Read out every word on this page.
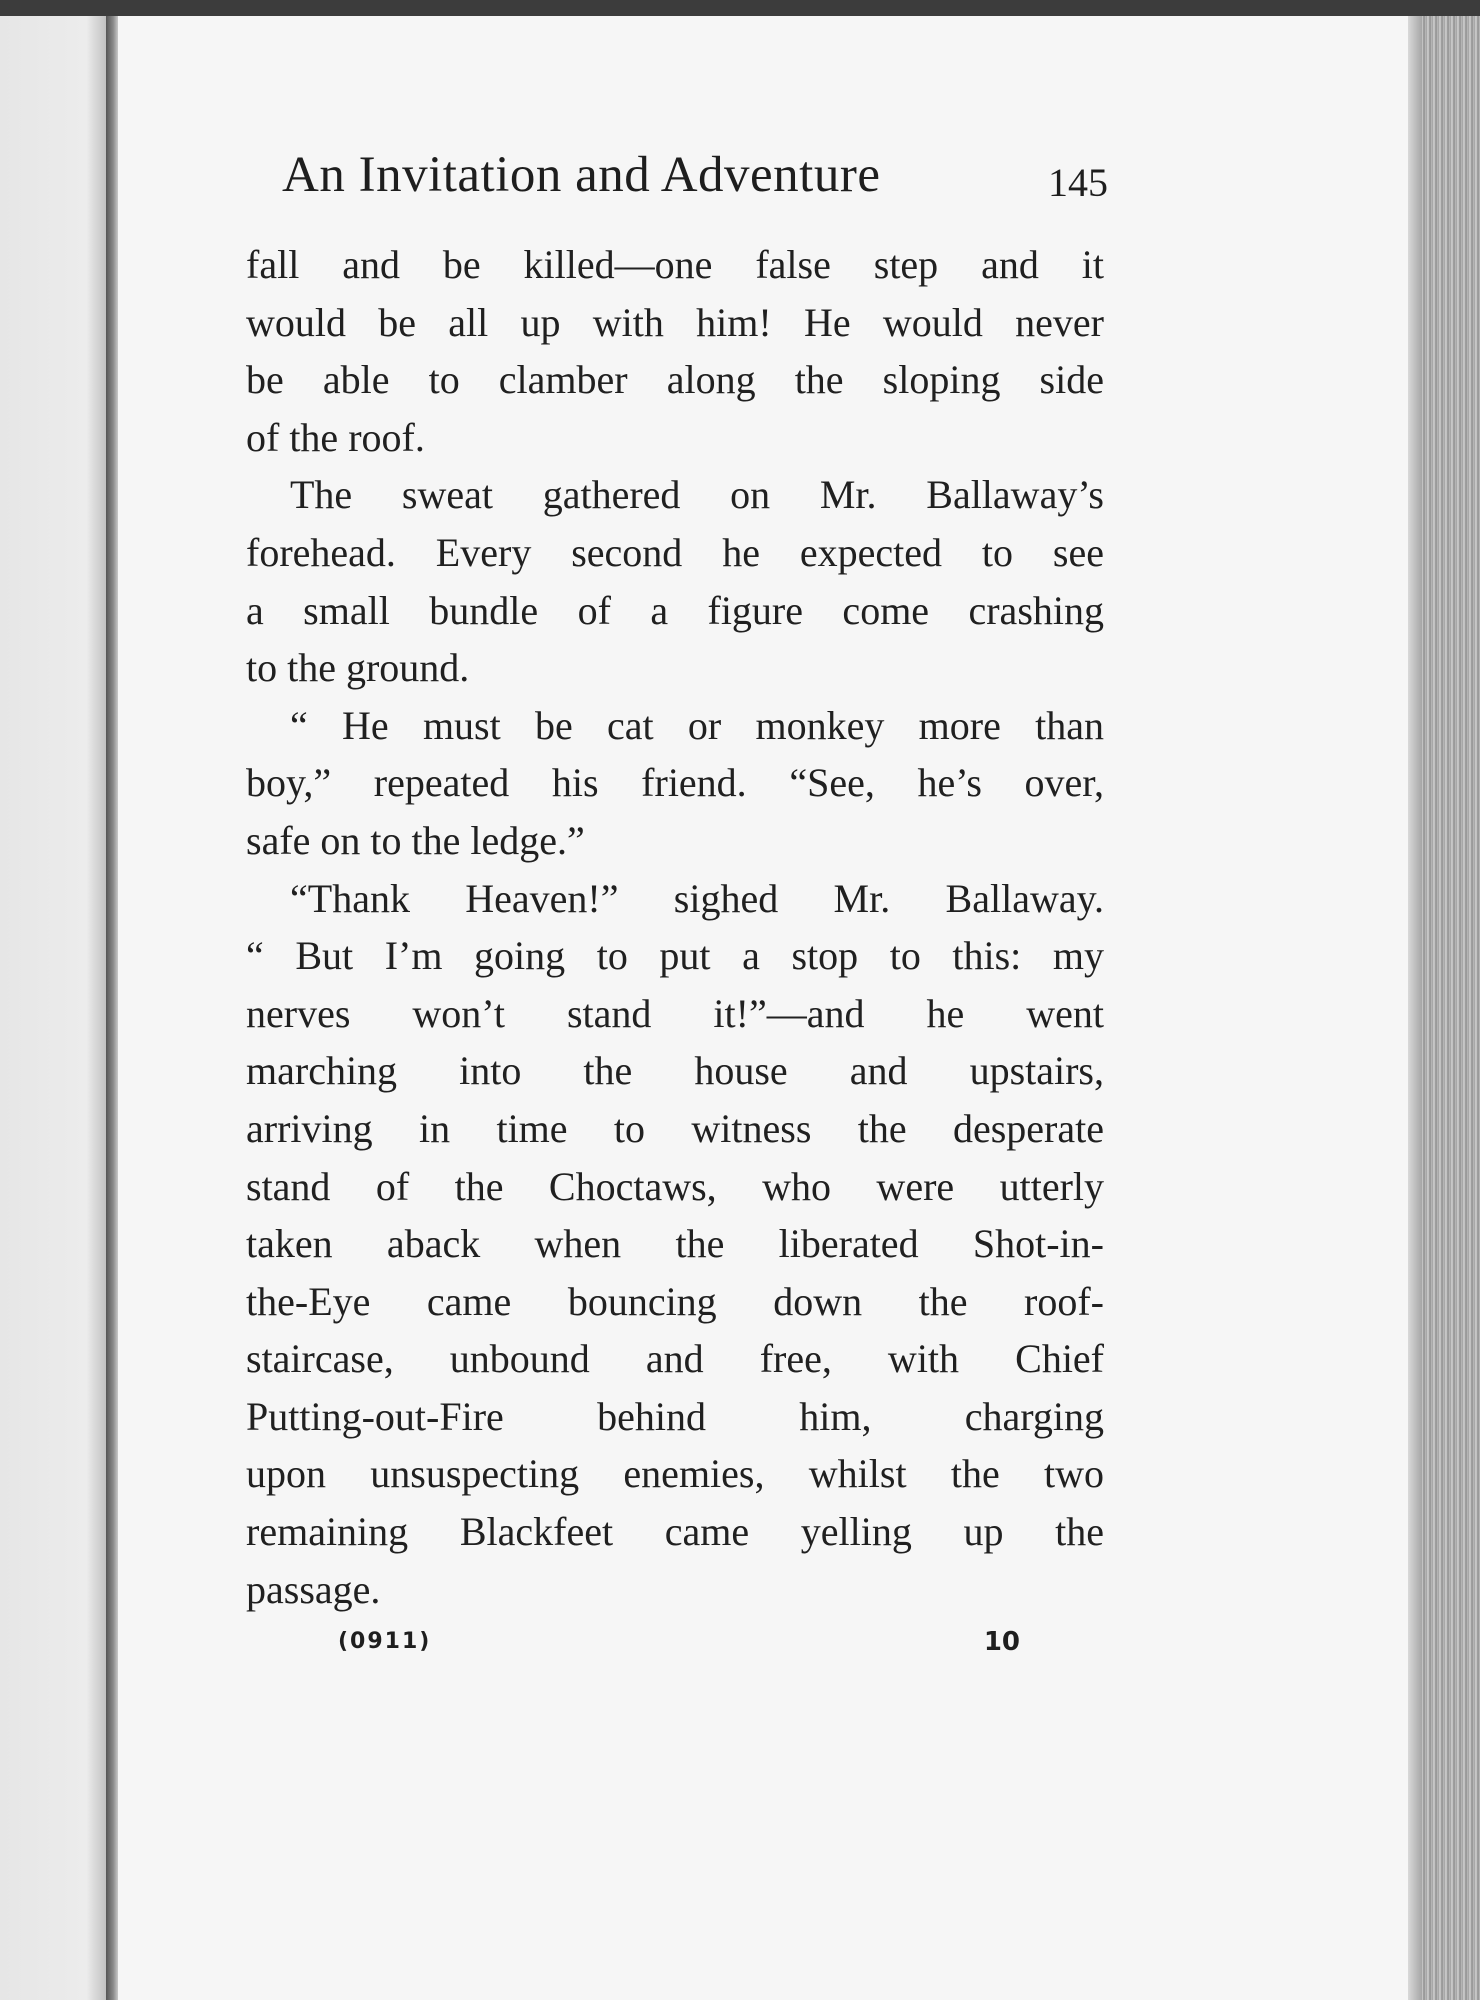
An Invitation and Adventure	145
fall and be killed—one false step and it
would be all up with him! He would never
be able to clamber along the sloping side
of the roof.
The sweat gathered on Mr. Ballaway’s
forehead. Every second he expected to see
a small bundle of a figure come crashing
to the ground.
“ He must be cat or monkey more than
boy,” repeated his friend. “See, he’s over,
safe on to the ledge.”
“Thank Heaven!” sighed Mr. Ballaway.
“ But I’m going to put a stop to this: my
nerves won’t stand it!”—and he went
marching into the house and upstairs,
arriving in time to witness the desperate
stand of the Choctaws, who were utterly
taken aback when the liberated Shot-in-
the-Eye came bouncing down the roof-
staircase, unbound and free, with Chief
Putting-out-Fire behind him, charging
upon unsuspecting enemies, whilst the two
remaining Blackfeet came yelling up the
passage.
(0911)	10
